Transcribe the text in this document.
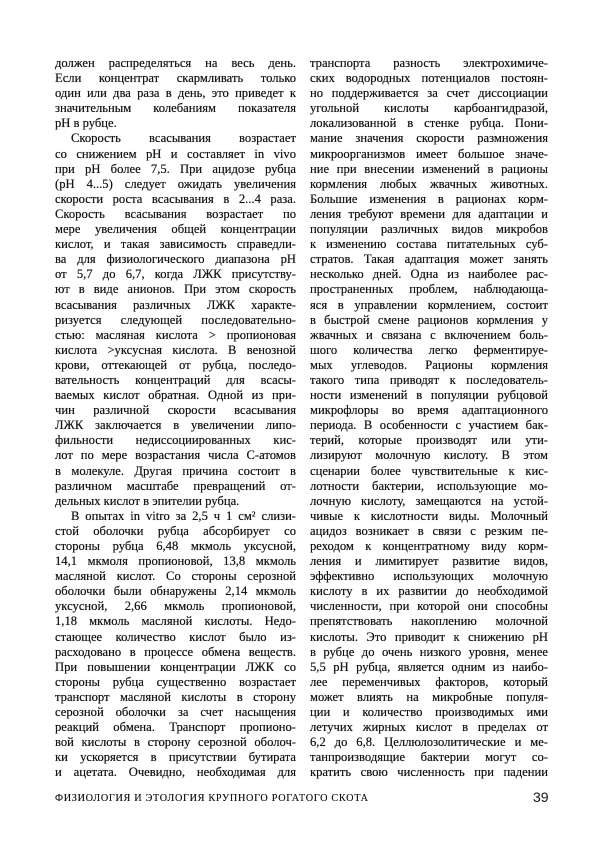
должен распределяться на весь день.
Если концентрат скармливать только
один или два раза в день, это приведет к
значительным колебаниям показателя
рН в рубце.
Скорость всасывания возрастает
со снижением рН и составляет in vivo
при рН более 7,5. При ацидозе рубца
(рН 4...5) следует ожидать увеличения
скорости роста всасывания в 2...4 раза.
Скорость всасывания возрастает по
мере увеличения общей концентрации
кислот, и такая зависимость справедли-
ва для физиологического диапазона рН
от 5,7 до 6,7, когда ЛЖК присутству-
ют в виде анионов. При этом скорость
всасывания различных ЛЖК характе-
ризуется следующей последовательно-
стью: масляная кислота > пропионовая
кислота >уксусная кислота. В венозной
крови, оттекающей от рубца, последо-
вательность концентраций для всасы-
ваемых кислот обратная. Одной из при-
чин различной скорости всасывания
ЛЖК заключается в увеличении липо-
фильности недиссоциированных кис-
лот по мере возрастания числа С-атомов
в молекуле. Другая причина состоит в
различном масштабе превращений от-
дельных кислот в эпителии рубца.
В опытах in vitro за 2,5 ч 1 см² слизи-
стой оболочки рубца абсорбирует со
стороны рубца 6,48 мкмоль уксусной,
14,1 мкмоля пропионовой, 13,8 мкмоль
масляной кислот. Со стороны серозной
оболочки были обнаружены 2,14 мкмоль
уксусной, 2,66 мкмоль пропионовой,
1,18 мкмоль масляной кислоты. Недо-
стающее количество кислот было из-
расходовано в процессе обмена веществ.
При повышении концентрации ЛЖК со
стороны рубца существенно возрастает
транспорт масляной кислоты в сторону
серозной оболочки за счет насыщения
реакций обмена. Транспорт пропионо-
вой кислоты в сторону серозной оболоч-
ки ускоряется в присутствии бутирата
и ацетата. Очевидно, необходимая для
транспорта разность электрохимиче-
ских водородных потенциалов постоян-
но поддерживается за счет диссоциации
угольной кислоты карбоангидразой,
локализованной в стенке рубца. Пони-
мание значения скорости размножения
микроорганизмов имеет большое значе-
ние при внесении изменений в рационы
кормления любых жвачных животных.
Большие изменения в рационах корм-
ления требуют времени для адаптации и
популяции различных видов микробов
к изменению состава питательных суб-
стратов. Такая адаптация может занять
несколько дней. Одна из наиболее рас-
пространенных проблем, наблюдающа-
яся в управлении кормлением, состоит
в быстрой смене рационов кормления у
жвачных и связана с включением боль-
шого количества легко ферментируе-
мых углеводов. Рационы кормления
такого типа приводят к последователь-
ности изменений в популяции рубцовой
микрофлоры во время адаптационного
периода. В особенности с участием бак-
терий, которые производят или ути-
лизируют молочную кислоту. В этом
сценарии более чувствительные к кис-
лотности бактерии, использующие мо-
лочную кислоту, замещаются на устой-
чивые к кислотности виды. Молочный
ацидоз возникает в связи с резким пе-
реходом к концентратному виду корм-
ления и лимитирует развитие видов,
эффективно использующих молочную
кислоту в их развитии до необходимой
численности, при которой они способны
препятствовать накоплению молочной
кислоты. Это приводит к снижению рН
в рубце до очень низкого уровня, менее
5,5 рН рубца, является одним из наибо-
лее переменчивых факторов, который
может влиять на микробные популя-
ции и количество производимых ими
летучих жирных кислот в пределах от
6,2 до 6,8. Целлюлозолитические и ме-
танпроизводящие бактерии могут со-
кратить свою численность при падении
ФИЗИОЛОГИЯ И ЭТОЛОГИЯ КРУПНОГО РОГАТОГО СКОТА	39
